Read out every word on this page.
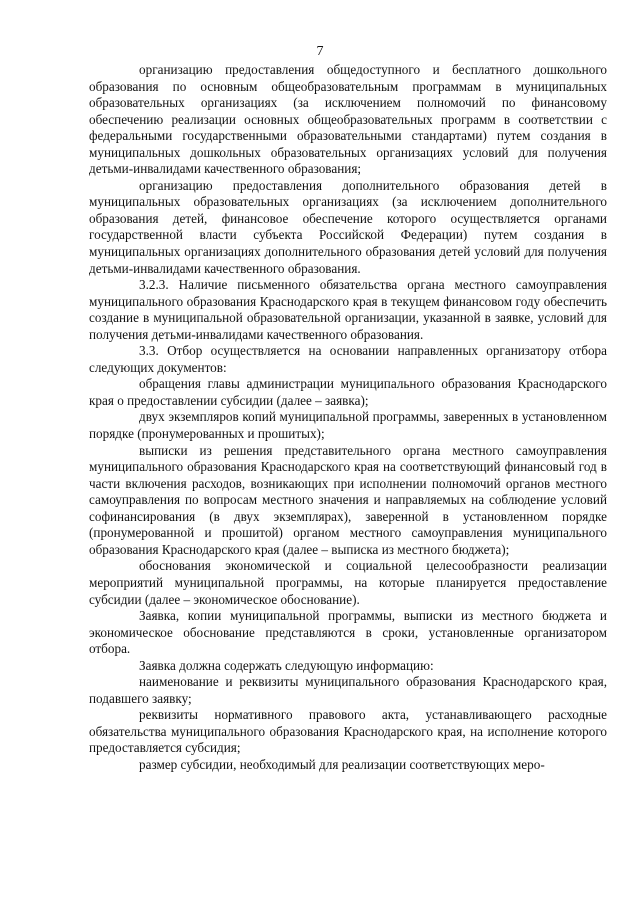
7

организацию предоставления общедоступного и бесплатного дошкольного образования по основным общеобразовательным программам в муниципальных образовательных организациях (за исключением полномочий по финансовому обеспечению реализации основных общеобразовательных программ в соответствии с федеральными государственными образовательными стандартами) путем создания в муниципальных дошкольных образовательных организациях условий для получения детьми-инвалидами качественного образования;

организацию предоставления дополнительного образования детей в муниципальных образовательных организациях (за исключением дополнительного образования детей, финансовое обеспечение которого осуществляется органами государственной власти субъекта Российской Федерации) путем создания в муниципальных организациях дополнительного образования детей условий для получения детьми-инвалидами качественного образования.

3.2.3. Наличие письменного обязательства органа местного самоуправления муниципального образования Краснодарского края в текущем финансовом году обеспечить создание в муниципальной образовательной организации, указанной в заявке, условий для получения детьми-инвалидами качественного образования.

3.3. Отбор осуществляется на основании направленных организатору отбора следующих документов:

обращения главы администрации муниципального образования Краснодарского края о предоставлении субсидии (далее – заявка);

двух экземпляров копий муниципальной программы, заверенных в установленном порядке (пронумерованных и прошитых);

выписки из решения представительного органа местного самоуправления муниципального образования Краснодарского края на соответствующий финансовый год в части включения расходов, возникающих при исполнении полномочий органов местного самоуправления по вопросам местного значения и направляемых на соблюдение условий софинансирования (в двух экземплярах), заверенной в установленном порядке (пронумерованной и прошитой) органом местного самоуправления муниципального образования Краснодарского края (далее – выписка из местного бюджета);

обоснования экономической и социальной целесообразности реализации мероприятий муниципальной программы, на которые планируется предоставление субсидии (далее – экономическое обоснование).

Заявка, копии муниципальной программы, выписки из местного бюджета и экономическое обоснование представляются в сроки, установленные организатором отбора.

Заявка должна содержать следующую информацию:

наименование и реквизиты муниципального образования Краснодарского края, подавшего заявку;

реквизиты нормативного правового акта, устанавливающего расходные обязательства муниципального образования Краснодарского края, на исполнение которого предоставляется субсидия;

размер субсидии, необходимый для реализации соответствующих меро-
